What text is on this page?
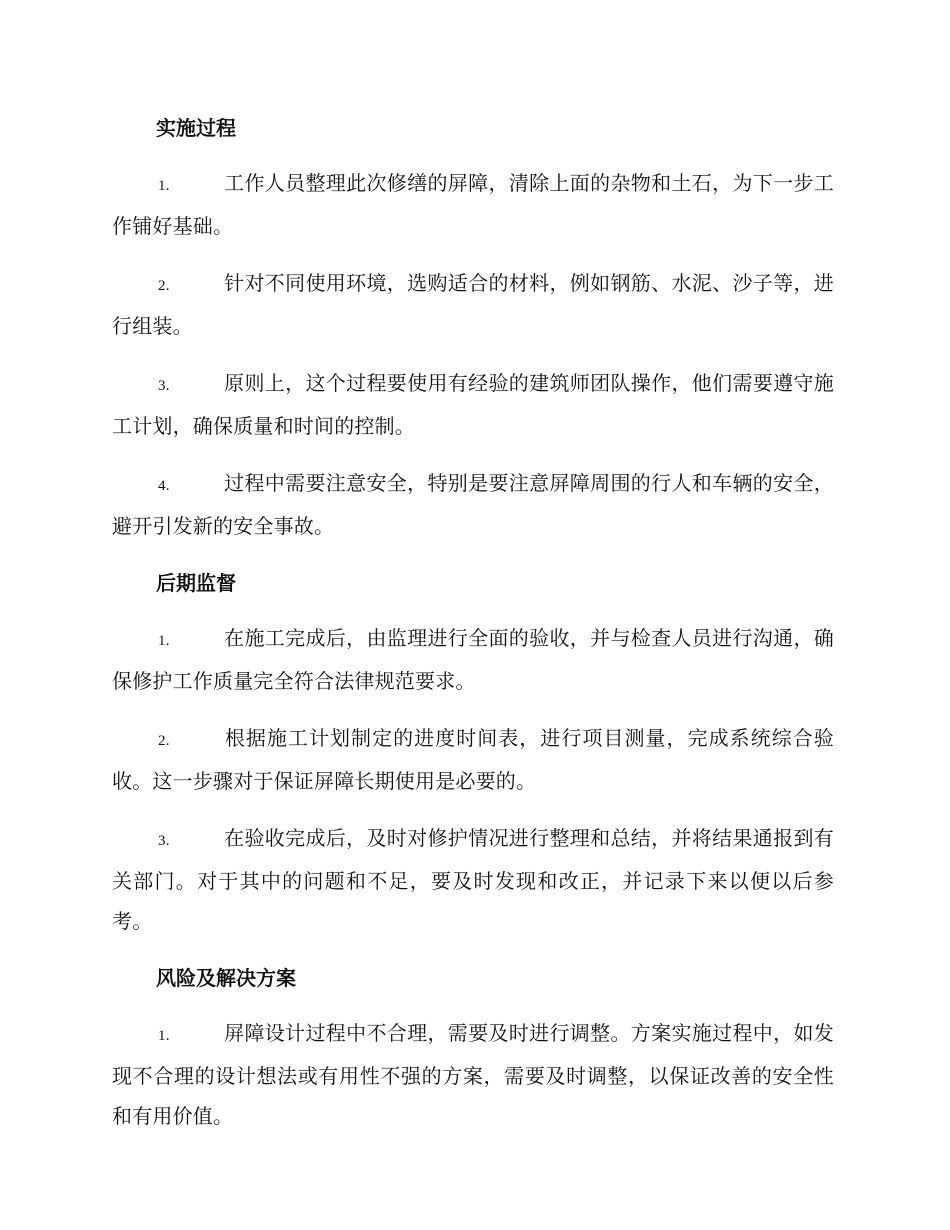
实施过程

1.	工作人员整理此次修缮的屏障，清除上面的杂物和土石，为下一步工作铺好基础。

2.	针对不同使用环境，选购适合的材料，例如钢筋、水泥、沙子等，进行组装。

3.	原则上，这个过程要使用有经验的建筑师团队操作，他们需要遵守施工计划，确保质量和时间的控制。

4.	过程中需要注意安全，特别是要注意屏障周围的行人和车辆的安全，避开引发新的安全事故。

后期监督

1.	在施工完成后，由监理进行全面的验收，并与检查人员进行沟通，确保修护工作质量完全符合法律规范要求。

2.	根据施工计划制定的进度时间表，进行项目测量，完成系统综合验收。这一步骤对于保证屏障长期使用是必要的。

3.	在验收完成后，及时对修护情况进行整理和总结，并将结果通报到有关部门。对于其中的问题和不足，要及时发现和改正，并记录下来以便以后参考。

风险及解决方案

1.	屏障设计过程中不合理，需要及时进行调整。方案实施过程中，如发现不合理的设计想法或有用性不强的方案，需要及时调整，以保证改善的安全性和有用价值。
